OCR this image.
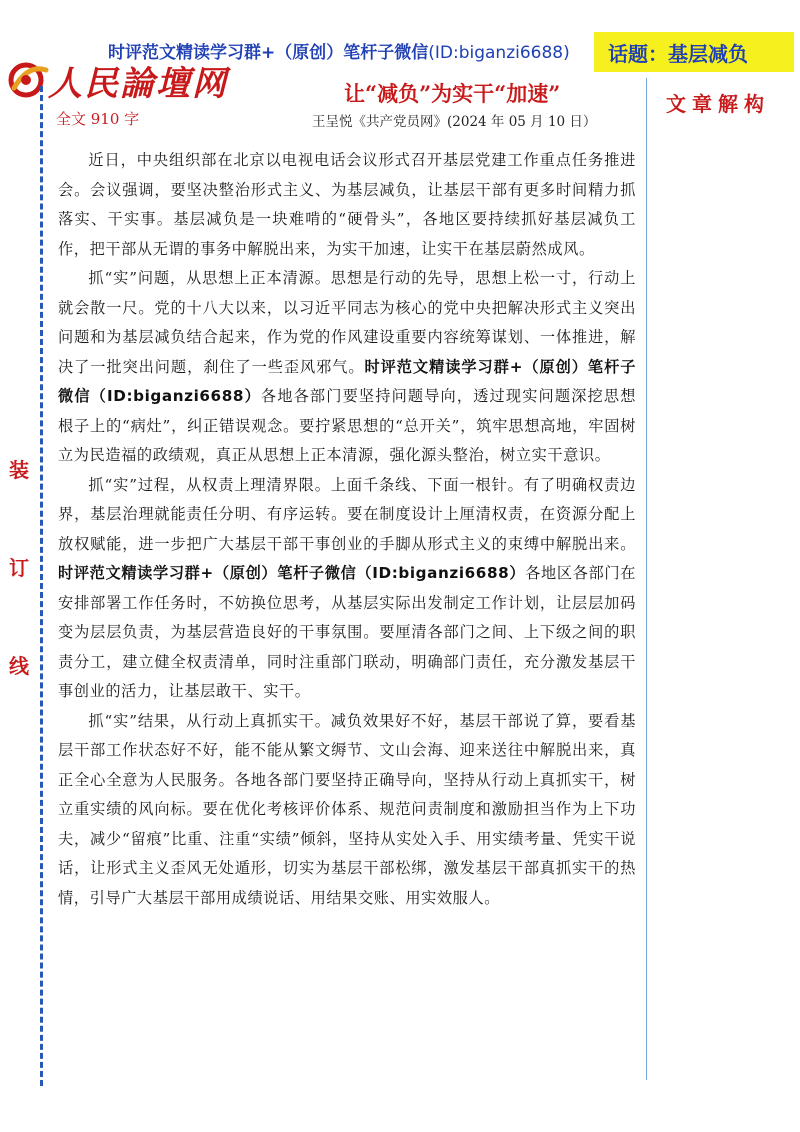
人民論壇网
时评范文精读学习群+（原创）笔杆子微信(ID:biganzi6688)	话题：基层减负
让“减负”为实干“加速”
全文 910 字	王呈悦《共产党员网》(2024 年 05 月 10 日）
文章解构
装
订
线

近日，中央组织部在北京以电视电话会议形式召开基层党建工作重点任务推进会。会议强调，要坚决整治形式主义、为基层减负，让基层干部有更多时间精力抓落实、干实事。基层减负是一块难啃的“硬骨头”，各地区要持续抓好基层减负工作，把干部从无谓的事务中解脱出来，为实干加速，让实干在基层蔚然成风。

抓“实”问题，从思想上正本清源。思想是行动的先导，思想上松一寸，行动上就会散一尺。党的十八大以来，以习近平同志为核心的党中央把解决形式主义突出问题和为基层减负结合起来，作为党的作风建设重要内容统筹谋划、一体推进，解决了一批突出问题，刹住了一些歪风邪气。时评范文精读学习群+（原创）笔杆子微信（ID:biganzi6688）各地各部门要坚持问题导向，透过现实问题深挖思想根子上的“病灶”，纠正错误观念。要拧紧思想的“总开关”，筑牢思想高地，牢固树立为民造福的政绩观，真正从思想上正本清源，强化源头整治，树立实干意识。

抓“实”过程，从权责上理清界限。上面千条线、下面一根针。有了明确权责边界，基层治理就能责任分明、有序运转。要在制度设计上厘清权责，在资源分配上放权赋能，进一步把广大基层干部干事创业的手脚从形式主义的束缚中解脱出来。时评范文精读学习群+（原创）笔杆子微信（ID:biganzi6688）各地区各部门在安排部署工作任务时，不妨换位思考，从基层实际出发制定工作计划，让层层加码变为层层负责，为基层营造良好的干事氛围。要厘清各部门之间、上下级之间的职责分工，建立健全权责清单，同时注重部门联动，明确部门责任，充分激发基层干事创业的活力，让基层敢干、实干。

抓“实”结果，从行动上真抓实干。减负效果好不好，基层干部说了算，要看基层干部工作状态好不好，能不能从繁文缛节、文山会海、迎来送往中解脱出来，真正全心全意为人民服务。各地各部门要坚持正确导向，坚持从行动上真抓实干，树立重实绩的风向标。要在优化考核评价体系、规范问责制度和激励担当作为上下功夫，减少“留痕”比重、注重“实绩”倾斜，坚持从实处入手、用实绩考量、凭实干说话，让形式主义歪风无处遁形，切实为基层干部松绑，激发基层干部真抓实干的热情，引导广大基层干部用成绩说话、用结果交账、用实效服人。
